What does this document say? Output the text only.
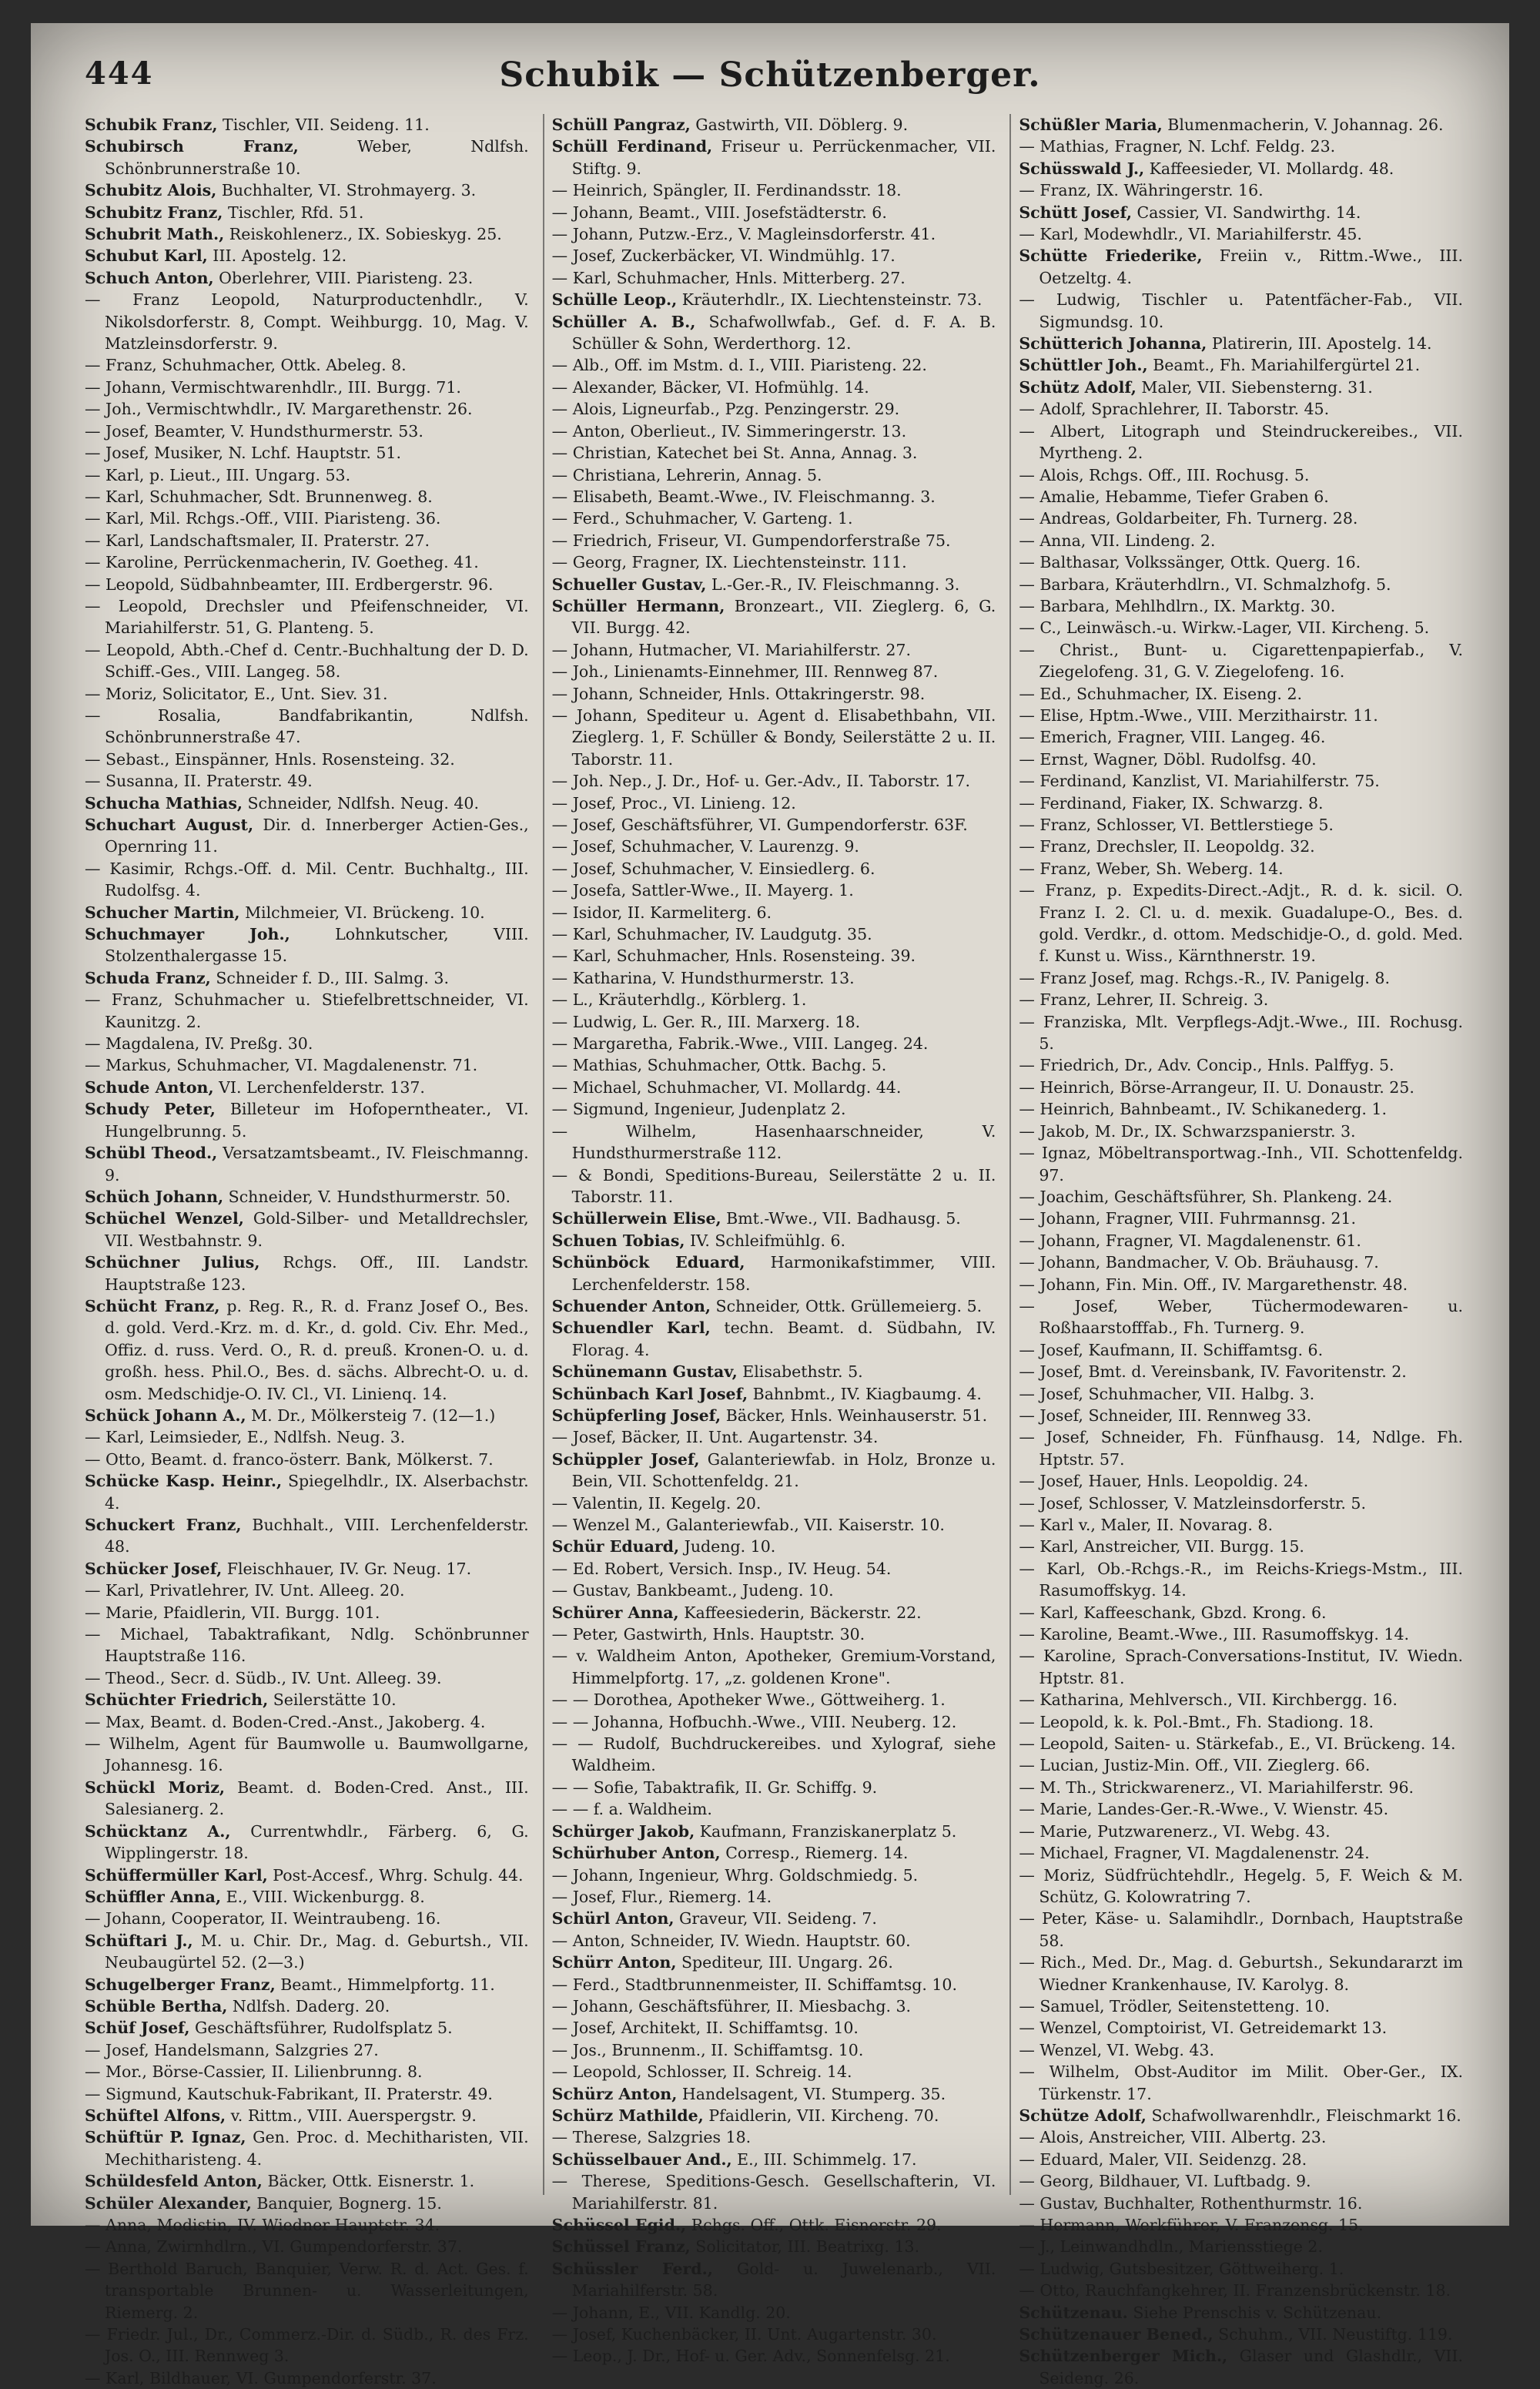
444	Schubik — Schützenberger.

Schubik Franz, Tischler, VII. Seideng. 11.

Schubirsch Franz, Weber, Ndlfsh. Schönbrunnerstraße 10.

Schubitz Alois, Buchhalter, VI. Strohmayerg. 3.

Schubitz Franz, Tischler, Rfd. 51.

Schubrit Math., Reiskohlenerz., IX. Sobieskyg. 25.

Schubut Karl, III. Apostelg. 12.

Schuch Anton, Oberlehrer, VIII. Piaristeng. 23.

— Franz Leopold, Naturproductenhdlr., V. Nikolsdorferstr. 8, Compt. Weihburgg. 10, Mag. V. Matzleinsdorferstr. 9.

— Franz, Schuhmacher, Ottk. Abeleg. 8.

— Johann, Vermischtwarenhdlr., III. Burgg. 71.

— Joh., Vermischtwhdlr., IV. Margarethenstr. 26.

— Josef, Beamter, V. Hundsthurmerstr. 53.

— Josef, Musiker, N. Lchf. Hauptstr. 51.

— Karl, p. Lieut., III. Ungarg. 53.

— Karl, Schuhmacher, Sdt. Brunnenweg. 8.

— Karl, Mil. Rchgs.-Off., VIII. Piaristeng. 36.

— Karl, Landschaftsmaler, II. Praterstr. 27.

— Karoline, Perrückenmacherin, IV. Goetheg. 41.

— Leopold, Südbahnbeamter, III. Erdbergerstr. 96.

— Leopold, Drechsler und Pfeifenschneider, VI. Mariahilferstr. 51, G. Planteng. 5.

— Leopold, Abth.-Chef d. Centr.-Buchhaltung der D. D. Schiff.-Ges., VIII. Langeg. 58.

— Moriz, Solicitator, E., Unt. Siev. 31.

— Rosalia, Bandfabrikantin, Ndlfsh. Schönbrunnerstraße 47.

— Sebast., Einspänner, Hnls. Rosensteing. 32.

— Susanna, II. Praterstr. 49.

Schucha Mathias, Schneider, Ndlfsh. Neug. 40.

Schuchart August, Dir. d. Innerberger Actien-Ges., Opernring 11.

— Kasimir, Rchgs.-Off. d. Mil. Centr. Buchhaltg., III. Rudolfsg. 4.

Schucher Martin, Milchmeier, VI. Brückeng. 10.

Schuchmayer Joh., Lohnkutscher, VIII. Stolzenthalergasse 15.

Schuda Franz, Schneider f. D., III. Salmg. 3.

— Franz, Schuhmacher u. Stiefelbrettschneider, VI. Kaunitzg. 2.

— Magdalena, IV. Preßg. 30.

— Markus, Schuhmacher, VI. Magdalenenstr. 71.

Schude Anton, VI. Lerchenfelderstr. 137.

Schudy Peter, Billeteur im Hofoperntheater., VI. Hungelbrunng. 5.

Schübl Theod., Versatzamtsbeamt., IV. Fleischmanng. 9.

Schüch Johann, Schneider, V. Hundsthurmerstr. 50.

Schüchel Wenzel, Gold-Silber- und Metalldrechsler, VII. Westbahnstr. 9.

Schüchner Julius, Rchgs. Off., III. Landstr. Hauptstraße 123.

Schücht Franz, p. Reg. R., R. d. Franz Josef O., Bes. d. gold. Verd.-Krz. m. d. Kr., d. gold. Civ. Ehr. Med., Offiz. d. russ. Verd. O., R. d. preuß. Kronen-O. u. d. großh. hess. Phil.O., Bes. d. sächs. Albrecht-O. u. d. osm. Medschidje-O. IV. Cl., VI. Linienq. 14.

Schück Johann A., M. Dr., Mölkersteig 7. (12—1.)

— Karl, Leimsieder, E., Ndlfsh. Neug. 3.

— Otto, Beamt. d. franco-österr. Bank, Mölkerst. 7.

Schücke Kasp. Heinr., Spiegelhdlr., IX. Alserbachstr. 4.

Schuckert Franz, Buchhalt., VIII. Lerchenfelderstr. 48.

Schücker Josef, Fleischhauer, IV. Gr. Neug. 17.

— Karl, Privatlehrer, IV. Unt. Alleeg. 20.

— Marie, Pfaidlerin, VII. Burgg. 101.

— Michael, Tabaktrafikant, Ndlg. Schönbrunner Hauptstraße 116.

— Theod., Secr. d. Südb., IV. Unt. Alleeg. 39.

Schüchter Friedrich, Seilerstätte 10.

— Max, Beamt. d. Boden-Cred.-Anst., Jakoberg. 4.

— Wilhelm, Agent für Baumwolle u. Baumwollgarne, Johannesg. 16.

Schückl Moriz, Beamt. d. Boden-Cred. Anst., III. Salesianerg. 2.

Schücktanz A., Currentwhdlr., Färberg. 6, G. Wipplingerstr. 18.

Schüffermüller Karl, Post-Accesf., Whrg. Schulg. 44.

Schüffler Anna, E., VIII. Wickenburgg. 8.

— Johann, Cooperator, II. Weintraubeng. 16.

Schüftari J., M. u. Chir. Dr., Mag. d. Geburtsh., VII. Neubaugürtel 52. (2—3.)

Schugelberger Franz, Beamt., Himmelpfortg. 11.

Schüble Bertha, Ndlfsh. Daderg. 20.

Schüf Josef, Geschäftsführer, Rudolfsplatz 5.

— Josef, Handelsmann, Salzgries 27.

— Mor., Börse-Cassier, II. Lilienbrunng. 8.

— Sigmund, Kautschuk-Fabrikant, II. Praterstr. 49.

Schüftel Alfons, v. Rittm., VIII. Auerspergstr. 9.

Schüftür P. Ignaz, Gen. Proc. d. Mechitharisten, VII. Mechitharisteng. 4.

Schüldesfeld Anton, Bäcker, Ottk. Eisnerstr. 1.

Schüler Alexander, Banquier, Bognerg. 15.

— Anna, Modistin, IV. Wiedner Hauptstr. 34.

— Anna, Zwirnhdlrn., VI. Gumpendorferstr. 37.

— Berthold Baruch, Banquier, Verw. R. d. Act. Ges. f. transportable Brunnen- u. Wasserleitungen, Riemerg. 2.

— Friedr. Jul., Dr., Commerz.-Dir. d. Südb., R. des Frz. Jos. O., III. Rennweg 3.

— Karl, Bildhauer, VI. Gumpendorferstr. 37.

Schüll Pangraz, Gastwirth, VII. Döblerg. 9.

Schüll Ferdinand, Friseur u. Perrückenmacher, VII. Stiftg. 9.

— Heinrich, Spängler, II. Ferdinandsstr. 18.

— Johann, Beamt., VIII. Josefstädterstr. 6.

— Johann, Putzw.-Erz., V. Magleinsdorferstr. 41.

— Josef, Zuckerbäcker, VI. Windmühlg. 17.

— Karl, Schuhmacher, Hnls. Mitterberg. 27.

Schülle Leop., Kräuterhdlr., IX. Liechtensteinstr. 73.

Schüller A. B., Schafwollwfab., Gef. d. F. A. B. Schüller & Sohn, Werderthorg. 12.

— Alb., Off. im Mstm. d. I., VIII. Piaristeng. 22.

— Alexander, Bäcker, VI. Hofmühlg. 14.

— Alois, Ligneurfab., Pzg. Penzingerstr. 29.

— Anton, Oberlieut., IV. Simmeringerstr. 13.

— Christian, Katechet bei St. Anna, Annag. 3.

— Christiana, Lehrerin, Annag. 5.

— Elisabeth, Beamt.-Wwe., IV. Fleischmanng. 3.

— Ferd., Schuhmacher, V. Garteng. 1.

— Friedrich, Friseur, VI. Gumpendorferstraße 75.

— Georg, Fragner, IX. Liechtensteinstr. 111.

Schueller Gustav, L.-Ger.-R., IV. Fleischmanng. 3.

Schüller Hermann, Bronzeart., VII. Zieglerg. 6, G. VII. Burgg. 42.

— Johann, Hutmacher, VI. Mariahilferstr. 27.

— Joh., Linienamts-Einnehmer, III. Rennweg 87.

— Johann, Schneider, Hnls. Ottakringerstr. 98.

— Johann, Spediteur u. Agent d. Elisabethbahn, VII. Zieglerg. 1, F. Schüller & Bondy, Seilerstätte 2 u. II. Taborstr. 11.

— Joh. Nep., J. Dr., Hof- u. Ger.-Adv., II. Taborstr. 17.

— Josef, Proc., VI. Linieng. 12.

— Josef, Geschäftsführer, VI. Gumpendorferstr. 63F.

— Josef, Schuhmacher, V. Laurenzg. 9.

— Josef, Schuhmacher, V. Einsiedlerg. 6.

— Josefa, Sattler-Wwe., II. Mayerg. 1.

— Isidor, II. Karmeliterg. 6.

— Karl, Schuhmacher, IV. Laudgutg. 35.

— Karl, Schuhmacher, Hnls. Rosensteing. 39.

— Katharina, V. Hundsthurmerstr. 13.

— L., Kräuterhdlg., Körblerg. 1.

— Ludwig, L. Ger. R., III. Marxerg. 18.

— Margaretha, Fabrik.-Wwe., VIII. Langeg. 24.

— Mathias, Schuhmacher, Ottk. Bachg. 5.

— Michael, Schuhmacher, VI. Mollardg. 44.

— Sigmund, Ingenieur, Judenplatz 2.

— Wilhelm, Hasenhaarschneider, V. Hundsthurmerstraße 112.

— & Bondi, Speditions-Bureau, Seilerstätte 2 u. II. Taborstr. 11.

Schüllerwein Elise, Bmt.-Wwe., VII. Badhausg. 5.

Schuen Tobias, IV. Schleifmühlg. 6.

Schünböck Eduard, Harmonikafstimmer, VIII. Lerchenfelderstr. 158.

Schuender Anton, Schneider, Ottk. Grüllemeierg. 5.

Schuendler Karl, techn. Beamt. d. Südbahn, IV. Florag. 4.

Schünemann Gustav, Elisabethstr. 5.

Schünbach Karl Josef, Bahnbmt., IV. Kiagbaumg. 4.

Schüpferling Josef, Bäcker, Hnls. Weinhauserstr. 51.

— Josef, Bäcker, II. Unt. Augartenstr. 34.

Schüppler Josef, Galanteriewfab. in Holz, Bronze u. Bein, VII. Schottenfeldg. 21.

— Valentin, II. Kegelg. 20.

— Wenzel M., Galanteriewfab., VII. Kaiserstr. 10.

Schür Eduard, Judeng. 10.

— Ed. Robert, Versich. Insp., IV. Heug. 54.

— Gustav, Bankbeamt., Judeng. 10.

Schürer Anna, Kaffeesiederin, Bäckerstr. 22.

— Peter, Gastwirth, Hnls. Hauptstr. 30.

— v. Waldheim Anton, Apotheker, Gremium-Vorstand, Himmelpfortg. 17, „z. goldenen Krone".

— — Dorothea, Apotheker Wwe., Göttweiherg. 1.

— — Johanna, Hofbuchh.-Wwe., VIII. Neuberg. 12.

— — Rudolf, Buchdruckereibes. und Xylograf, siehe Waldheim.

— — Sofie, Tabaktrafik, II. Gr. Schiffg. 9.

— — f. a. Waldheim.

Schürger Jakob, Kaufmann, Franziskanerplatz 5.

Schürhuber Anton, Corresp., Riemerg. 14.

— Johann, Ingenieur, Whrg. Goldschmiedg. 5.

— Josef, Flur., Riemerg. 14.

Schürl Anton, Graveur, VII. Seideng. 7.

— Anton, Schneider, IV. Wiedn. Hauptstr. 60.

Schürr Anton, Spediteur, III. Ungarg. 26.

— Ferd., Stadtbrunnenmeister, II. Schiffamtsg. 10.

— Johann, Geschäftsführer, II. Miesbachg. 3.

— Josef, Architekt, II. Schiffamtsg. 10.

— Jos., Brunnenm., II. Schiffamtsg. 10.

— Leopold, Schlosser, II. Schreig. 14.

Schürz Anton, Handelsagent, VI. Stumperg. 35.

Schürz Mathilde, Pfaidlerin, VII. Kircheng. 70.

— Therese, Salzgries 18.

Schüsselbauer And., E., III. Schimmelg. 17.

— Therese, Speditions-Gesch. Gesellschafterin, VI. Mariahilferstr. 81.

Schüssel Egid., Rchgs. Off., Ottk. Eisnerstr. 29.

Schüssel Franz, Solicitator, III. Beatrixg. 13.

Schüssler Ferd., Gold- u. Juwelenarb., VII. Mariahilferstr. 58.

— Johann, E., VII. Kandlg. 20.

— Josef, Kuchenbäcker, II. Unt. Augartenstr. 30.

— Leop., J. Dr., Hof- u. Ger. Adv., Sonnenfelsg. 21.

Schüßler Maria, Blumenmacherin, V. Johannag. 26.

— Mathias, Fragner, N. Lchf. Feldg. 23.

Schüsswald J., Kaffeesieder, VI. Mollardg. 48.

— Franz, IX. Währingerstr. 16.

Schütt Josef, Cassier, VI. Sandwirthg. 14.

— Karl, Modewhdlr., VI. Mariahilferstr. 45.

Schütte Friederike, Freiin v., Rittm.-Wwe., III. Oetzeltg. 4.

— Ludwig, Tischler u. Patentfächer-Fab., VII. Sigmundsg. 10.

Schütterich Johanna, Platirerin, III. Apostelg. 14.

Schüttler Joh., Beamt., Fh. Mariahilfergürtel 21.

Schütz Adolf, Maler, VII. Siebensterng. 31.

— Adolf, Sprachlehrer, II. Taborstr. 45.

— Albert, Litograph und Steindruckereibes., VII. Myrtheng. 2.

— Alois, Rchgs. Off., III. Rochusg. 5.

— Amalie, Hebamme, Tiefer Graben 6.

— Andreas, Goldarbeiter, Fh. Turnerg. 28.

— Anna, VII. Lindeng. 2.

— Balthasar, Volkssänger, Ottk. Querg. 16.

— Barbara, Kräuterhdlrn., VI. Schmalzhofg. 5.

— Barbara, Mehlhdlrn., IX. Marktg. 30.

— C., Leinwäsch.-u. Wirkw.-Lager, VII. Kircheng. 5.

— Christ., Bunt- u. Cigarettenpapierfab., V. Ziegelofeng. 31, G. V. Ziegelofeng. 16.

— Ed., Schuhmacher, IX. Eiseng. 2.

— Elise, Hptm.-Wwe., VIII. Merzithairstr. 11.

— Emerich, Fragner, VIII. Langeg. 46.

— Ernst, Wagner, Döbl. Rudolfsg. 40.

— Ferdinand, Kanzlist, VI. Mariahilferstr. 75.

— Ferdinand, Fiaker, IX. Schwarzg. 8.

— Franz, Schlosser, VI. Bettlerstiege 5.

— Franz, Drechsler, II. Leopoldg. 32.

— Franz, Weber, Sh. Weberg. 14.

— Franz, p. Expedits-Direct.-Adjt., R. d. k. sicil. O. Franz I. 2. Cl. u. d. mexik. Guadalupe-O., Bes. d. gold. Verdkr., d. ottom. Medschidje-O., d. gold. Med. f. Kunst u. Wiss., Kärnthnerstr. 19.

— Franz Josef, mag. Rchgs.-R., IV. Panigelg. 8.

— Franz, Lehrer, II. Schreig. 3.

— Franziska, Mlt. Verpflegs-Adjt.-Wwe., III. Rochusg. 5.

— Friedrich, Dr., Adv. Concip., Hnls. Palffyg. 5.

— Heinrich, Börse-Arrangeur, II. U. Donaustr. 25.

— Heinrich, Bahnbeamt., IV. Schikanederg. 1.

— Jakob, M. Dr., IX. Schwarzspanierstr. 3.

— Ignaz, Möbeltransportwag.-Inh., VII. Schottenfeldg. 97.

— Joachim, Geschäftsführer, Sh. Plankeng. 24.

— Johann, Fragner, VIII. Fuhrmannsg. 21.

— Johann, Fragner, VI. Magdalenenstr. 61.

— Johann, Bandmacher, V. Ob. Bräuhausg. 7.

— Johann, Fin. Min. Off., IV. Margarethenstr. 48.

— Josef, Weber, Tüchermodewaren- u. Roßhaarstofffab., Fh. Turnerg. 9.

— Josef, Kaufmann, II. Schiffamtsg. 6.

— Josef, Bmt. d. Vereinsbank, IV. Favoritenstr. 2.

— Josef, Schuhmacher, VII. Halbg. 3.

— Josef, Schneider, III. Rennweg 33.

— Josef, Schneider, Fh. Fünfhausg. 14, Ndlge. Fh. Hptstr. 57.

— Josef, Hauer, Hnls. Leopoldig. 24.

— Josef, Schlosser, V. Matzleinsdorferstr. 5.

— Karl v., Maler, II. Novarag. 8.

— Karl, Anstreicher, VII. Burgg. 15.

— Karl, Ob.-Rchgs.-R., im Reichs-Kriegs-Mstm., III. Rasumoffskyg. 14.

— Karl, Kaffeeschank, Gbzd. Krong. 6.

— Karoline, Beamt.-Wwe., III. Rasumoffskyg. 14.

— Karoline, Sprach-Conversations-Institut, IV. Wiedn. Hptstr. 81.

— Katharina, Mehlversch., VII. Kirchbergg. 16.

— Leopold, k. k. Pol.-Bmt., Fh. Stadiong. 18.

— Leopold, Saiten- u. Stärkefab., E., VI. Brückeng. 14.

— Lucian, Justiz-Min. Off., VII. Zieglerg. 66.

— M. Th., Strickwarenerz., VI. Mariahilferstr. 96.

— Marie, Landes-Ger.-R.-Wwe., V. Wienstr. 45.

— Marie, Putzwarenerz., VI. Webg. 43.

— Michael, Fragner, VI. Magdalenenstr. 24.

— Moriz, Südfrüchtehdlr., Hegelg. 5, F. Weich & M. Schütz, G. Kolowratring 7.

— Peter, Käse- u. Salamihdlr., Dornbach, Hauptstraße 58.

— Rich., Med. Dr., Mag. d. Geburtsh., Sekundararzt im Wiedner Krankenhause, IV. Karolyg. 8.

— Samuel, Trödler, Seitenstetteng. 10.

— Wenzel, Comptoirist, VI. Getreidemarkt 13.

— Wenzel, VI. Webg. 43.

— Wilhelm, Obst-Auditor im Milit. Ober-Ger., IX. Türkenstr. 17.

Schütze Adolf, Schafwollwarenhdlr., Fleischmarkt 16.

— Alois, Anstreicher, VIII. Albertg. 23.

— Eduard, Maler, VII. Seidenzg. 28.

— Georg, Bildhauer, VI. Luftbadg. 9.

— Gustav, Buchhalter, Rothenthurmstr. 16.

— Hermann, Werkführer, V. Franzensg. 15.

— J., Leinwandhdln., Mariensstiege 2.

— Ludwig, Gutsbesitzer, Göttweiherg. 1.

— Otto, Rauchfangkehrer, II. Franzensbrückenstr. 18.

Schützenau. Siehe Prenschis v. Schützenau.

Schützenauer Bened., Schuhm., VII. Neustiftg. 119.

Schützenberger Mich., Glaser und Glashdlr., VII. Seideng. 26.
